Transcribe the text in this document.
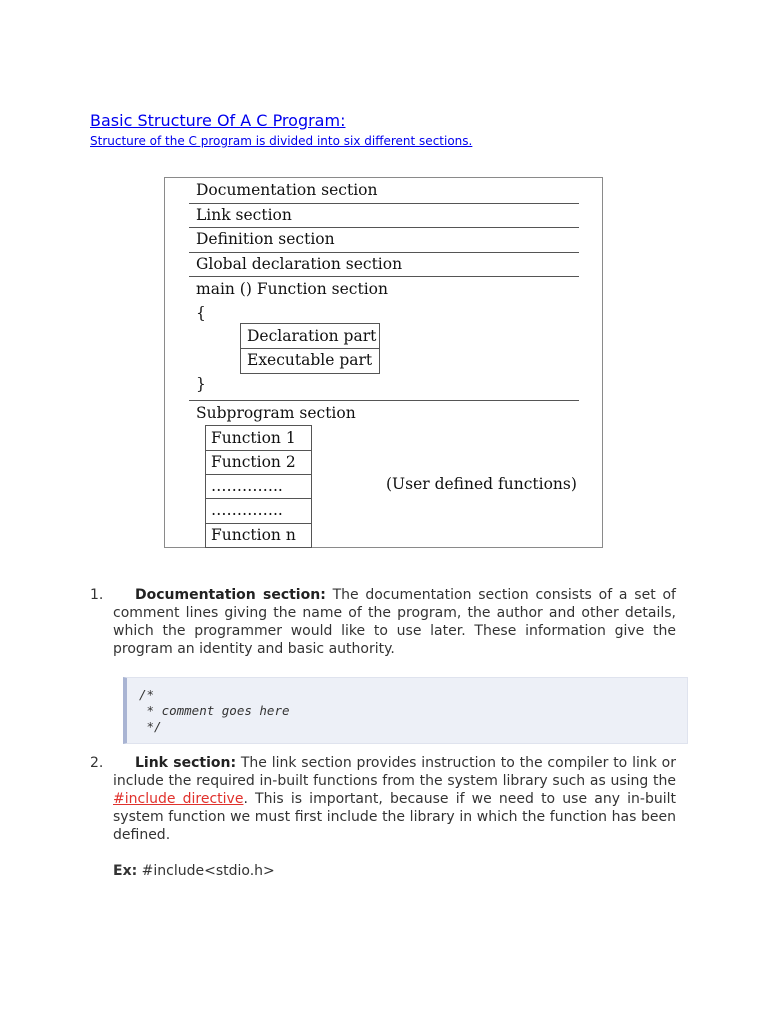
Basic Structure Of A C Program:
Structure of the C program is divided into six different sections.
Documentation section
Link section
Definition section
Global declaration section
main () Function section
{
Declaration part
Executable part
}
Subprogram section
Function 1
Function 2
…………..
…………..
Function n
(User defined functions)
1.	Documentation section: The documentation section consists of a set of comment lines giving the name of the program, the author and other details, which the programmer would like to use later. These information give the program an identity and basic authority.
/*
* comment goes here
*/
2.	Link section: The link section provides instruction to the compiler to link or include the required in-built functions from the system library such as using the #include directive. This is important, because if we need to use any in-built system function we must first include the library in which the function has been defined.
Ex: #include<stdio.h>
